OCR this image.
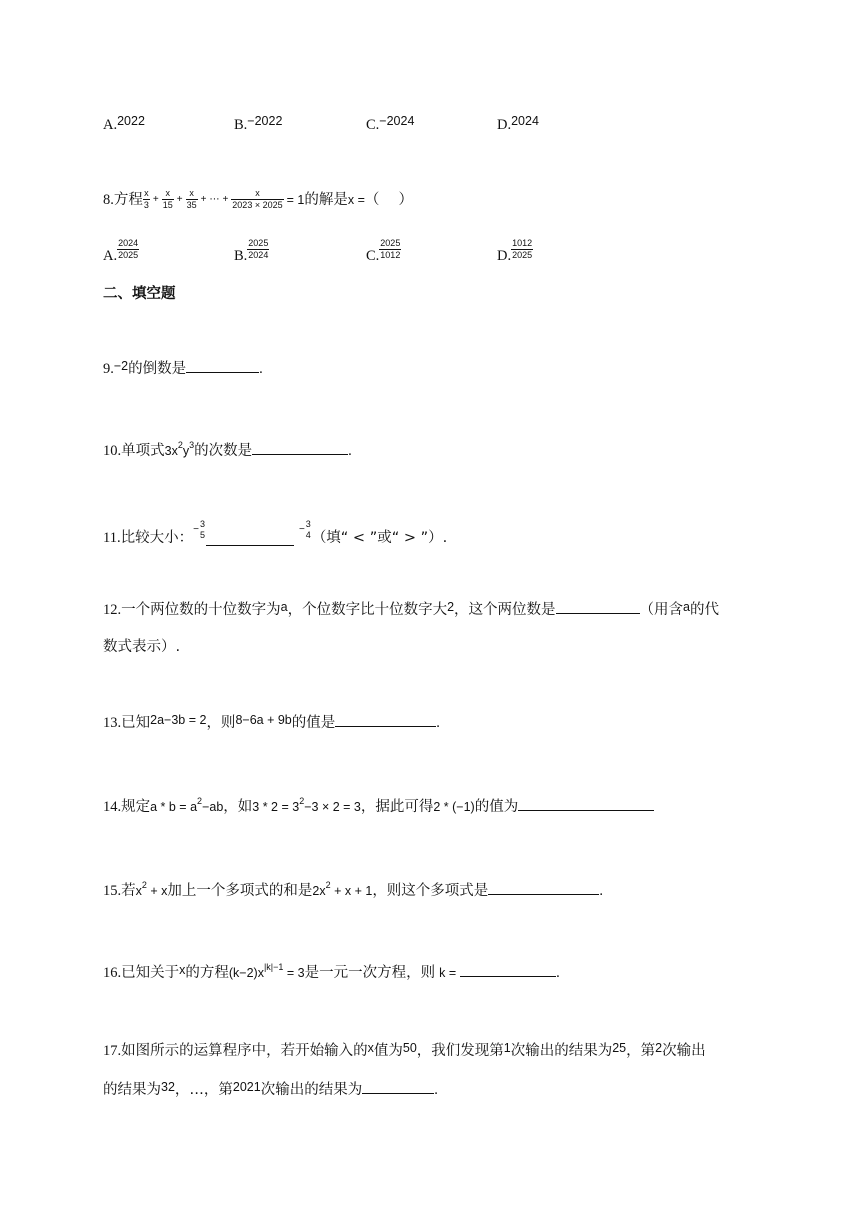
A.2022	B.−2022	C.−2024	D.2024
8. 方程 $\frac{x}{3} + \frac{x}{15} + \frac{x}{35}$ + ⋯ + $\frac{x}{2023 \times 2025} = 1$ 的解是 x = （　 ）
A. $\frac{2024}{2025}$	B. $\frac{2025}{2024}$	C. $\frac{2025}{1012}$	D. $\frac{1012}{2025}$
二、填空题
9.−2的倒数是	.
10.单项式$3x^2y^3$的次数是	.
11. 比较大小：
− 3
5	− 3
4 （填“ < ”或“ > ”）.
12.一个两位数的十位数字为a，个位数字比十位数字大2，这个两位数是	（用含a的代
数式表示）.
13.已知2a−3b = 2，则8−6a + 9b的值是	.
14.规定$a * b = a^2-ab$，如$3 * 2 = 3^2-3 \times 2 = 3$，据此可得2 * (−1)的值为
15.若$x^2 + x$加上一个多项式的和是$2x^2 + x + 1$，则这个多项式是	.
16.已知关于x的方程$(k-2)x^{|k|-1} = 3$是一元一次方程，则 k =	.
17.如图所示的运算程序中，若开始输入的x值为50，我们发现第1次输出的结果为25，第2次输出
的结果为32，…，第2021次输出的结果为	.
